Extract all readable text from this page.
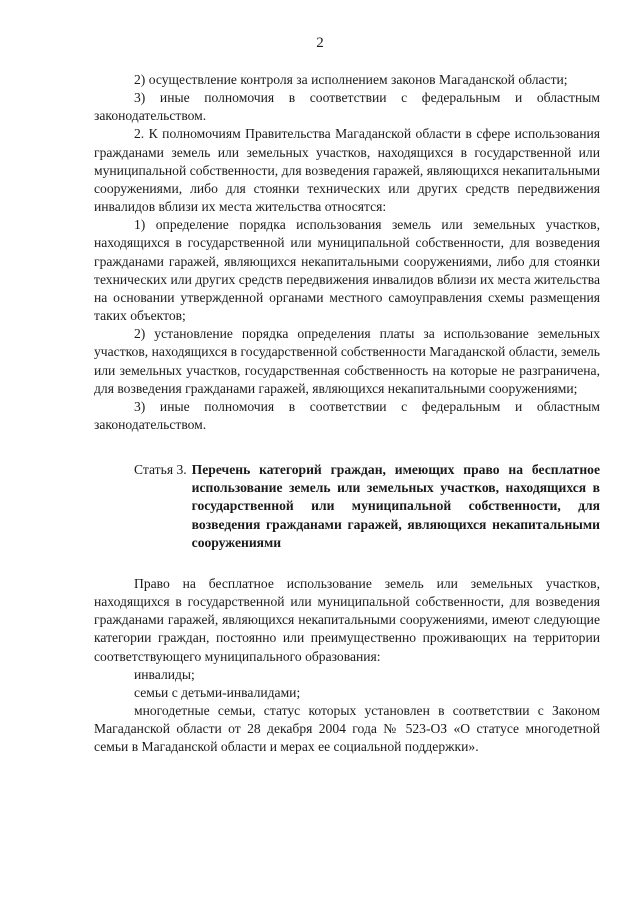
2

2) осуществление контроля за исполнением законов Магаданской области;

3) иные полномочия в соответствии с федеральным и областным законодательством.

2. К полномочиям Правительства Магаданской области в сфере использования гражданами земель или земельных участков, находящихся в государственной или муниципальной собственности, для возведения гаражей, являющихся некапитальными сооружениями, либо для стоянки технических или других средств передвижения инвалидов вблизи их места жительства относятся:

1) определение порядка использования земель или земельных участков, находящихся в государственной или муниципальной собственности, для возведения гражданами гаражей, являющихся некапитальными сооружениями, либо для стоянки технических или других средств передвижения инвалидов вблизи их места жительства на основании утвержденной органами местного самоуправления схемы размещения таких объектов;

2) установление порядка определения платы за использование земельных участков, находящихся в государственной собственности Магаданской области, земель или земельных участков, государственная собственность на которые не разграничена, для возведения гражданами гаражей, являющихся некапитальными сооружениями;

3) иные полномочия в соответствии с федеральным и областным законодательством.

Статья 3. Перечень категорий граждан, имеющих право на бесплатное использование земель или земельных участков, находящихся в государственной или муниципальной собственности, для возведения гражданами гаражей, являющихся некапитальными сооружениями

Право на бесплатное использование земель или земельных участков, находящихся в государственной или муниципальной собственности, для возведения гражданами гаражей, являющихся некапитальными сооружениями, имеют следующие категории граждан, постоянно или преимущественно проживающих на территории соответствующего муниципального образования:

инвалиды;

семьи с детьми-инвалидами;

многодетные семьи, статус которых установлен в соответствии с Законом Магаданской области от 28 декабря 2004 года № 523-ОЗ «О статусе многодетной семьи в Магаданской области и мерах ее социальной поддержки».
